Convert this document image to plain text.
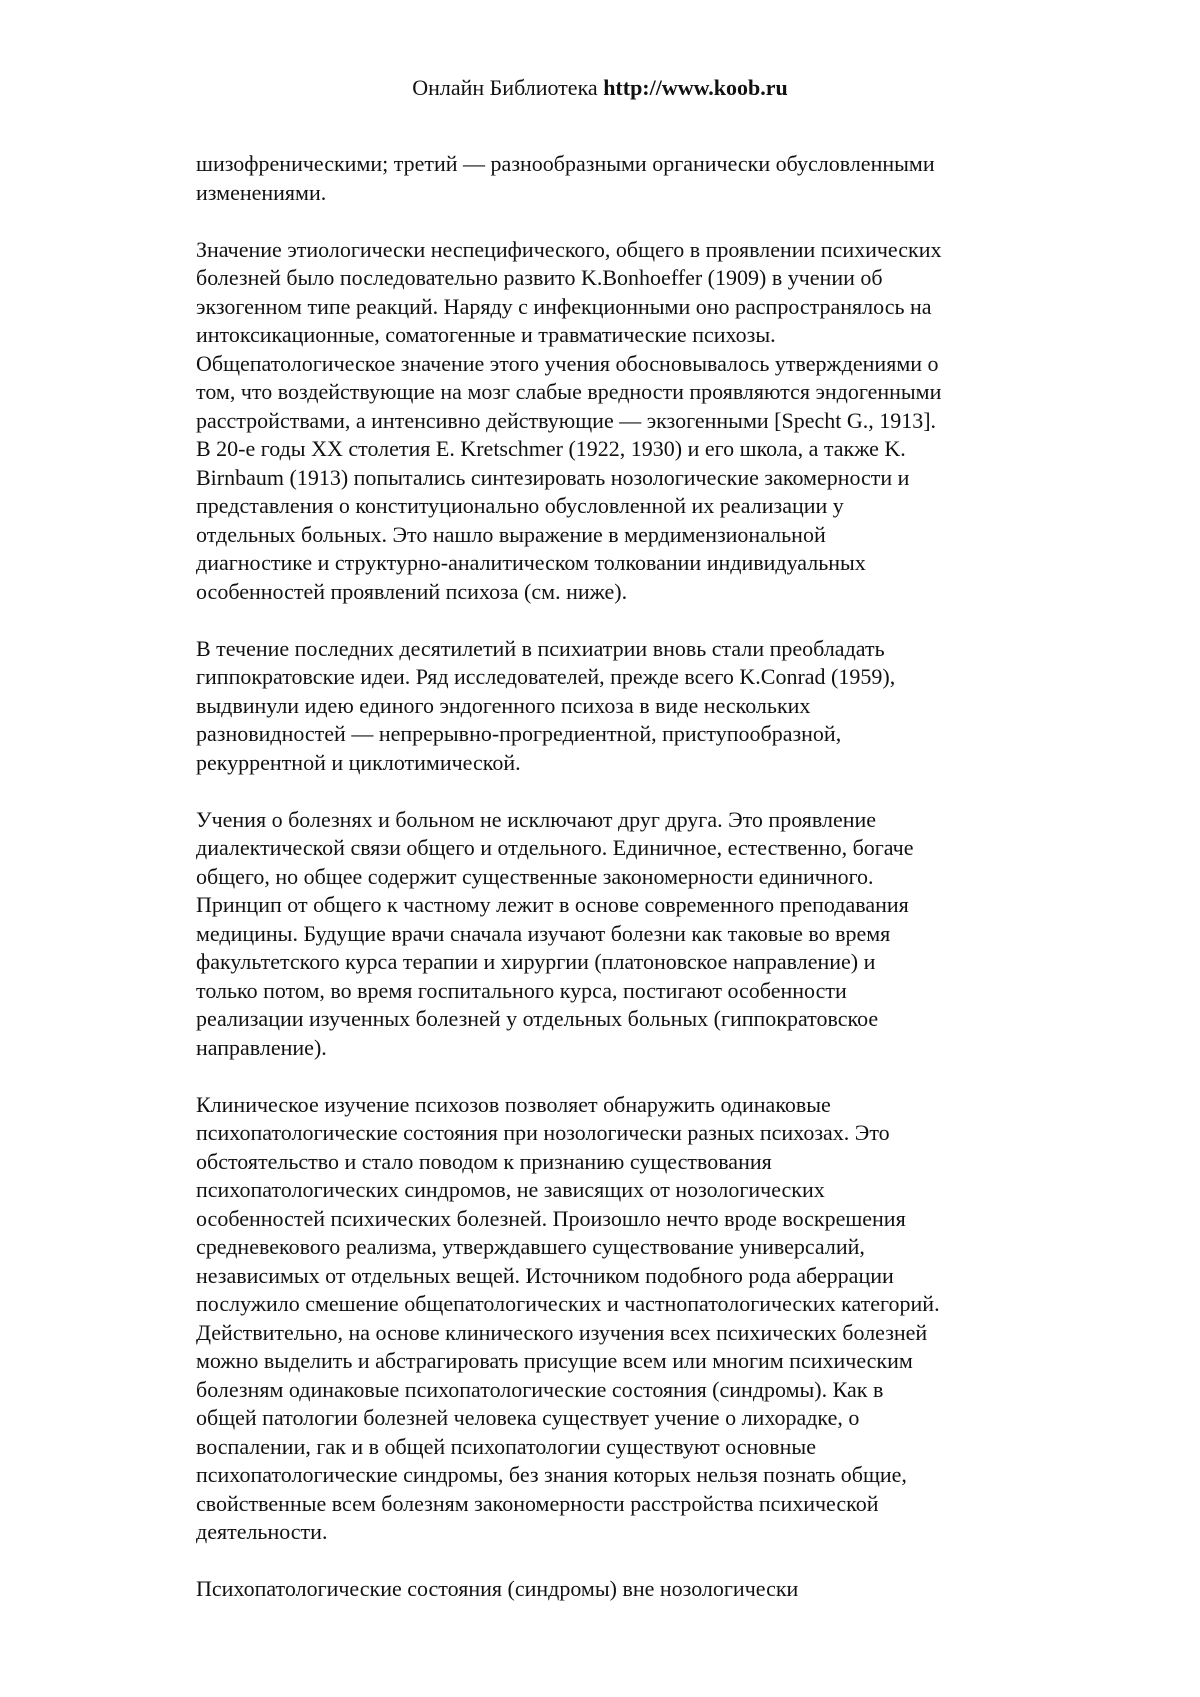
Онлайн Библиотека http://www.koob.ru
шизофреническими; третий — разнообразными органически обусловленными
изменениями.
Значение этиологически неспецифического, общего в проявлении психических
болезней было последовательно развито K.Bonhoeffer (1909) в учении об
экзогенном типе реакций. Наряду с инфекционными оно распространялось на
интоксикационные, соматогенные и травматические психозы.
Общепатологическое значение этого учения обосновывалось утверждениями о
том, что воздействующие на мозг слабые вредности проявляются эндогенными
расстройствами, а интенсивно действующие — экзогенными [Specht G., 1913].
В 20-е годы XX столетия E. Kretschmer (1922, 1930) и его школа, а также K.
Birnbaum (1913) попытались синтезировать нозологические закомерности и
представления о конституционально обусловленной их реализации у
отдельных больных. Это нашло выражение в мердимензиональной
диагностике и структурно-аналитическом толковании индивидуальных
особенностей проявлений психоза (см. ниже).
В течение последних десятилетий в психиатрии вновь стали преобладать
гиппократовские идеи. Ряд исследователей, прежде всего K.Conrad (1959),
выдвинули идею единого эндогенного психоза в виде нескольких
разновидностей — непрерывно-прогредиентной, приступообразной,
рекуррентной и циклотимической.
Учения о болезнях и больном не исключают друг друга. Это проявление
диалектической связи общего и отдельного. Единичное, естественно, богаче
общего, но общее содержит существенные закономерности единичного.
Принцип от общего к частному лежит в основе современного преподавания
медицины. Будущие врачи сначала изучают болезни как таковые во время
факультетского курса терапии и хирургии (платоновское направление) и
только потом, во время госпитального курса, постигают особенности
реализации изученных болезней у отдельных больных (гиппократовское
направление).
Клиническое изучение психозов позволяет обнаружить одинаковые
психопатологические состояния при нозологически разных психозах. Это
обстоятельство и стало поводом к признанию существования
психопатологических синдромов, не зависящих от нозологических
особенностей психических болезней. Произошло нечто вроде воскрешения
средневекового реализма, утверждавшего существование универсалий,
независимых от отдельных вещей. Источником подобного рода аберрации
послужило смешение общепатологических и частнопатологических категорий.
Действительно, на основе клинического изучения всех психических болезней
можно выделить и абстрагировать присущие всем или многим психическим
болезням одинаковые психопатологические состояния (синдромы). Как в
общей патологии болезней человека существует учение о лихорадке, о
воспалении, гак и в общей психопатологии существуют основные
психопатологические синдромы, без знания которых нельзя познать общие,
свойственные всем болезням закономерности расстройства психической
деятельности.
Психопатологические состояния (синдромы) вне нозологически
